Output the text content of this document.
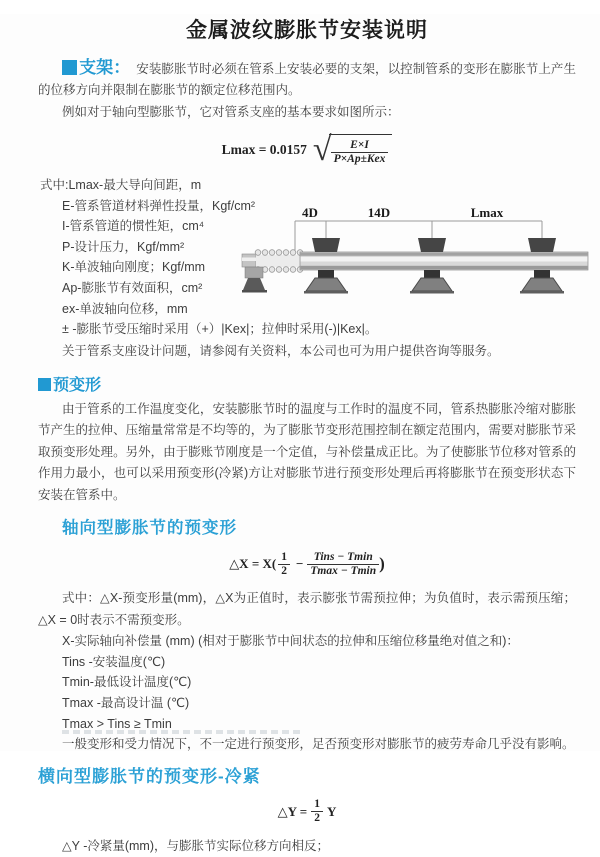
金属波纹膨胀节安装说明
支架： 安装膨胀节时必须在管系上安装必要的支架，以控制管系的变形在膨胀节上产生的位移方向并限制在膨胀节的额定位移范围内。
例如对于轴向型膨胀节，它对管系支座的基本要求如图所示：
Lmax = 0.0157 √ $\frac{E\times I}{\text{P×Ap±Kex}}$
式中:Lmax-最大导向间距，m
E-管系管道材料弹性投量，Kgf/cm²
I-管系管道的惯性矩，cm⁴
P-设计压力，Kgf/mm²
K-单波轴向刚度；Kgf/mm
Ap-膨胀节有效面积，cm²
ex-单波轴向位移，mm
± -膨胀节受压缩时采用（+）|Kex|；拉伸时采用(-)|Kex|。
关于管系支座设计问题，请参阅有关资料，本公司也可为用户提供咨询等服务。
4D	14D	Lmax
预变形
由于管系的工作温度变化，安装膨胀节时的温度与工作时的温度不同，管系热膨胀冷缩对膨胀节产生的拉伸、压缩量常常是不均等的，为了膨胀节变形范围控制在额定范围内，需要对膨胀节采取预变形处理。另外，由于膨账节刚度是一个定值，与补偿量成正比。为了使膨胀节位移对管系的作用力最小，也可以采用预变形(冷紧)方让对膨胀节进行预变形处理后再将膨胀节在预变形状态下安装在管系中。
轴向型膨胀节的预变形
△X = $X( \frac{1}{2} - \frac{\text{Tins − Tmin}}{Tmax - Tmin}$ )
式中：△X-预变形量(mm)，△X为正值时，表示膨张节需预拉伸；为负值时，表示需预压缩；△X = 0时表示不需预变形。
X-实际轴向补偿量 (mm) (相对于膨胀节中间状态的拉伸和压缩位移量绝对值之和)：
Tins -安装温度(℃)
Tmin-最低设计温度(℃)
Tmax -最高设计温 (℃)
Tmax > Tins ≥ Tmin
一般变形和受力情况下，不一定进行预变形，足否预变形对膨胀节的疲劳寿命几乎没有影响。
横向型膨胀节的预变形-冷紧
△Y = $\frac{1}{2}$ Y
△Y -冷紧量(mm)，与膨胀节实际位移方向相反；
